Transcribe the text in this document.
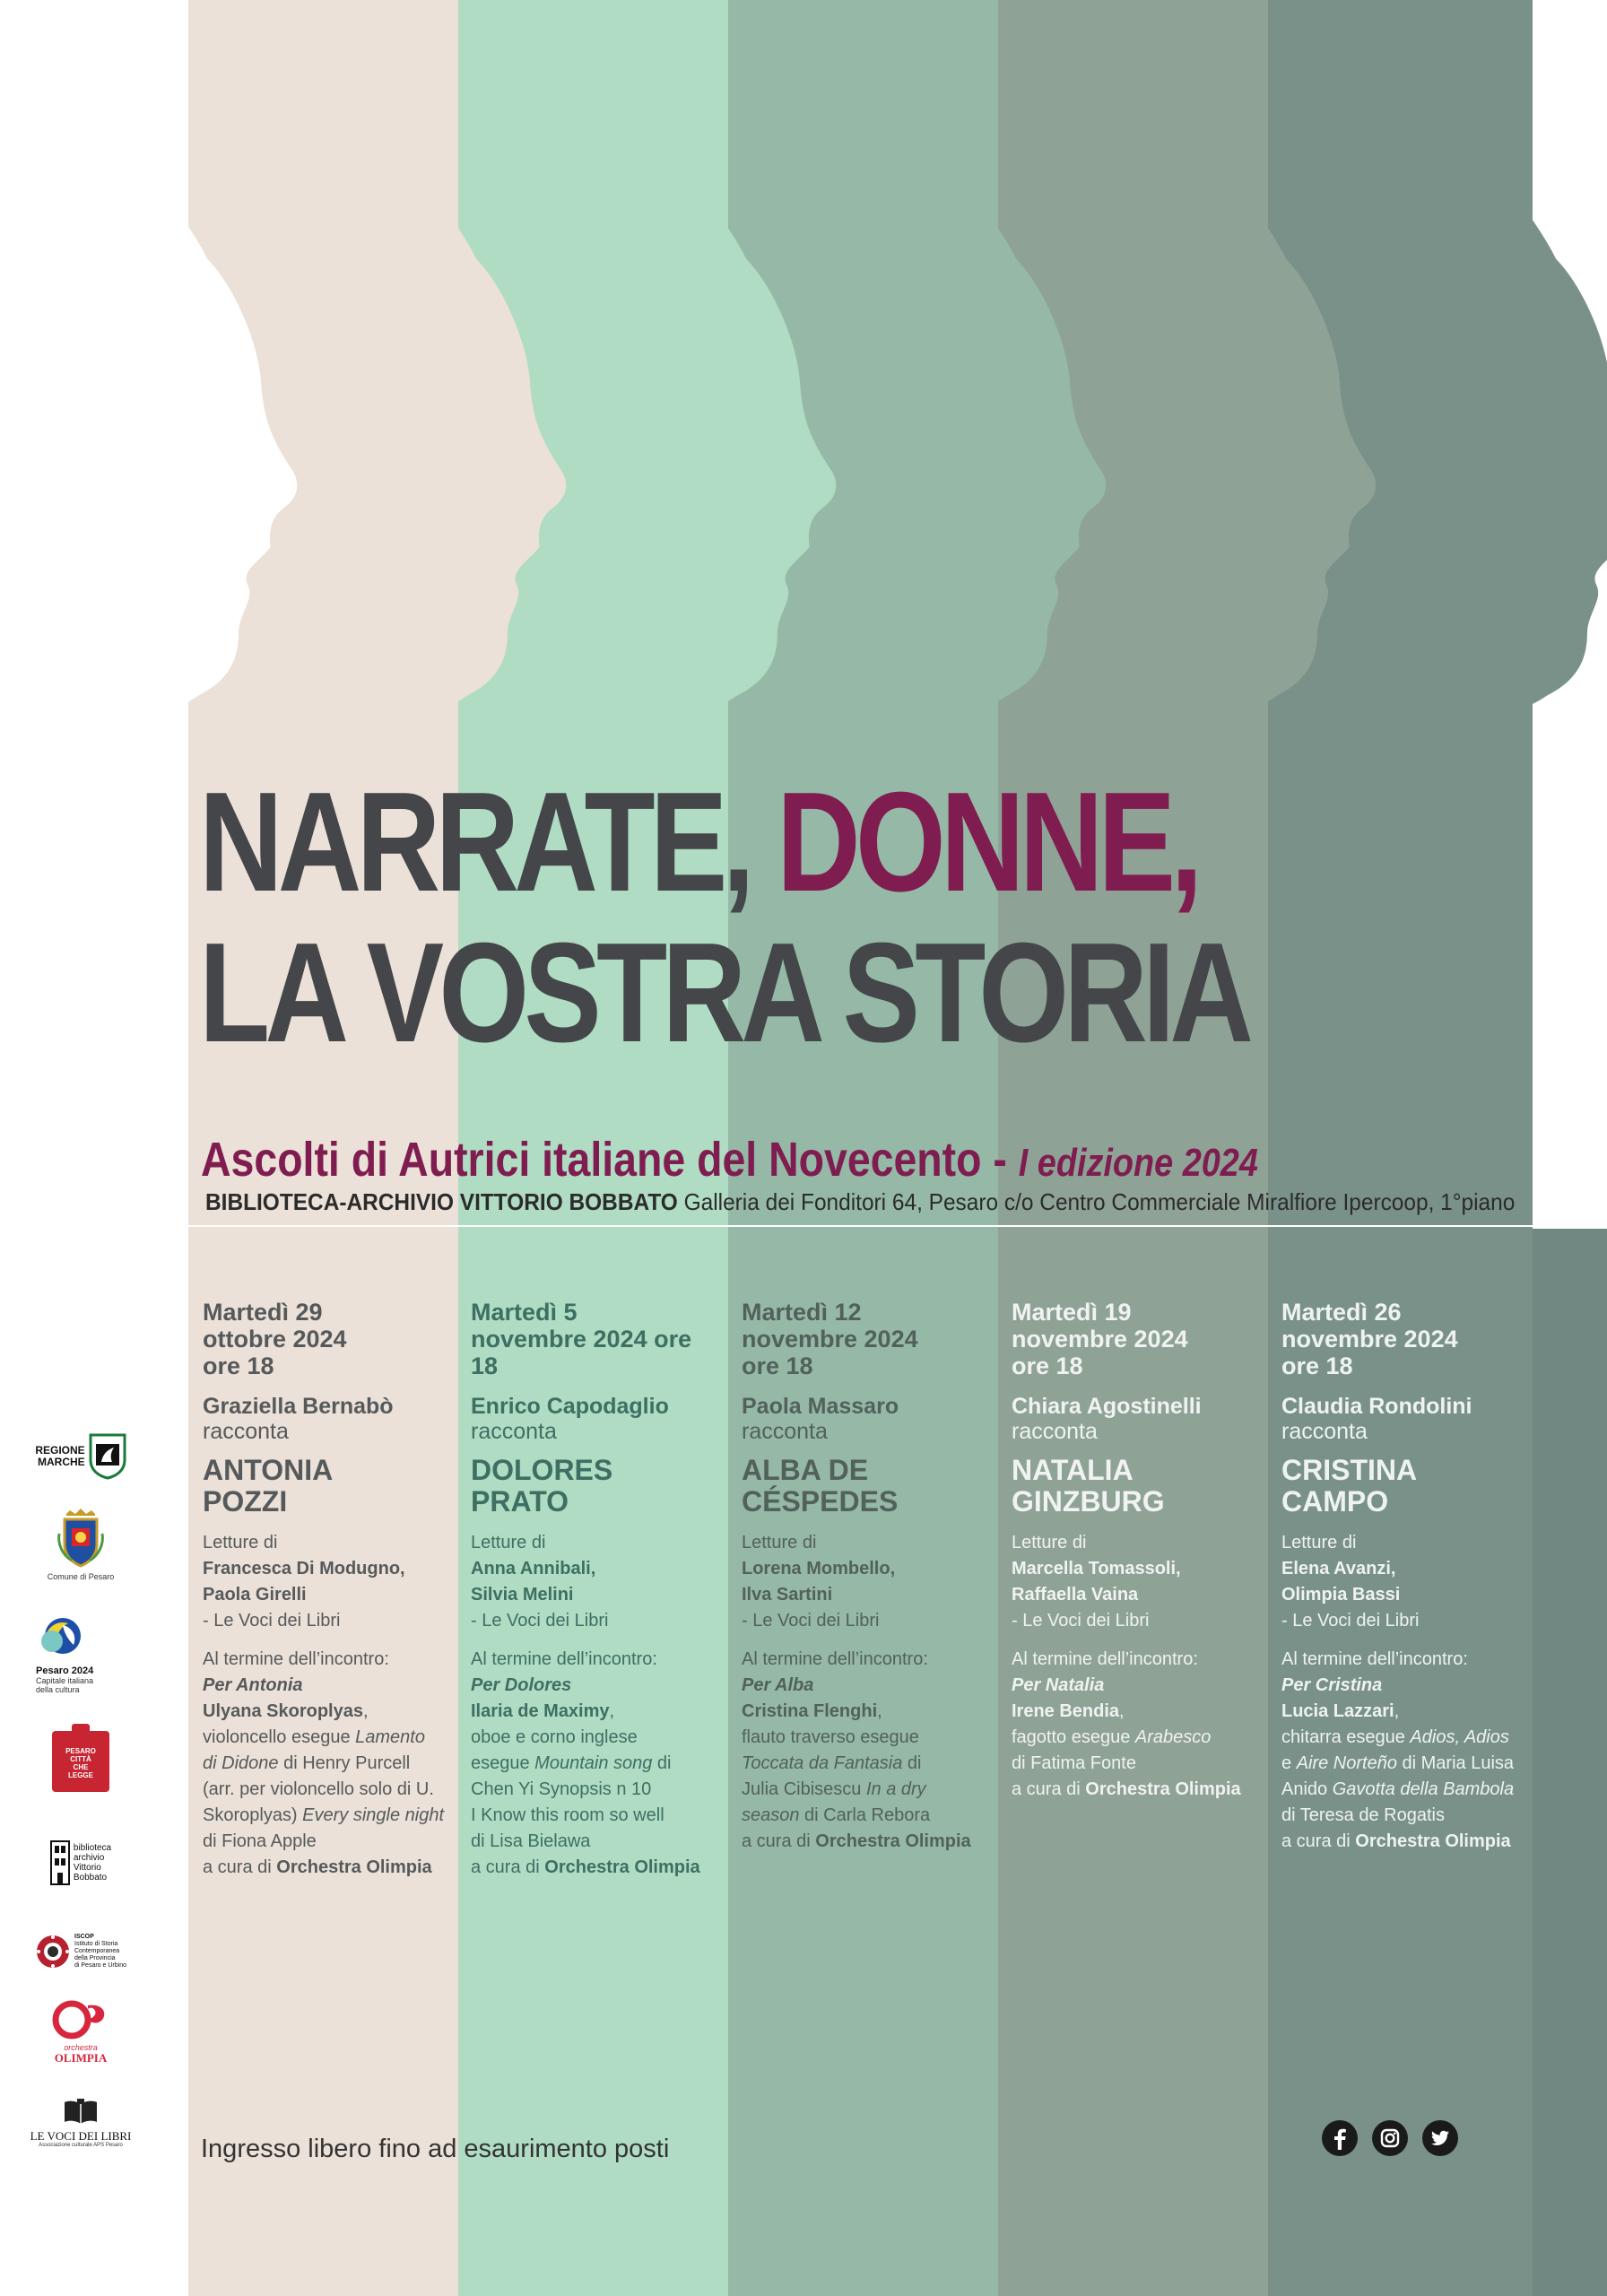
NARRATE, DONNE,
LA VOSTRA STORIA
Ascolti di Autrici italiane del Novecento - I edizione 2024
BIBLIOTECA-ARCHIVIO VITTORIO BOBBATO Galleria dei Fonditori 64, Pesaro c/o Centro Commerciale Miralfiore Ipercoop, 1°piano
Martedì 29
ottobre 2024
ore 18
Graziella Bernabò
racconta
ANTONIA
POZZI
Letture di
Francesca Di Modugno,
Paola Girelli
- Le Voci dei Libri
Al termine dell’incontro:
Per Antonia
Ulyana Skoroplyas,
violoncello esegue Lamento
di Didone di Henry Purcell
(arr. per violoncello solo di U.
Skoroplyas) Every single night
di Fiona Apple
a cura di Orchestra Olimpia
Martedì 5
novembre 2024 ore
18
Enrico Capodaglio
racconta
DOLORES
PRATO
Letture di
Anna Annibali,
Silvia Melini
- Le Voci dei Libri
Al termine dell’incontro:
Per Dolores
Ilaria de Maximy,
oboe e corno inglese
esegue Mountain song di
Chen Yi Synopsis n 10
I Know this room so well
di Lisa Bielawa
a cura di Orchestra Olimpia
Martedì 12
novembre 2024
ore 18
Paola Massaro
racconta
ALBA DE
CÉSPEDES
Letture di
Lorena Mombello,
Ilva Sartini
- Le Voci dei Libri
Al termine dell’incontro:
Per Alba
Cristina Flenghi,
flauto traverso esegue
Toccata da Fantasia di
Julia Cibisescu In a dry
season di Carla Rebora
a cura di Orchestra Olimpia
Martedì 19
novembre 2024
ore 18
Chiara Agostinelli
racconta
NATALIA
GINZBURG
Letture di
Marcella Tomassoli,
Raffaella Vaina
- Le Voci dei Libri
Al termine dell’incontro:
Per Natalia
Irene Bendia,
fagotto esegue Arabesco
di Fatima Fonte
a cura di Orchestra Olimpia
Martedì 26
novembre 2024
ore 18
Claudia Rondolini
racconta
CRISTINA
CAMPO
Letture di
Elena Avanzi,
Olimpia Bassi
- Le Voci dei Libri
Al termine dell’incontro:
Per Cristina
Lucia Lazzari,
chitarra esegue Adios, Adios
e Aire Norteño di Maria Luisa
Anido Gavotta della Bambola
di Teresa de Rogatis
a cura di Orchestra Olimpia
REGIONE
MARCHE
Comune di Pesaro
Pesaro 2024
Capitale italiana
della cultura
PESARO
CITTÀ
CHE
LEGGE
biblioteca
archivio
Vittorio
Bobbato
ISCOP
Istituto di Storia
Contemporanea
della Provincia
di Pesaro e Urbino
orchestra
OLIMPIA
LE VOCI DEI LIBRI
Associazione culturale APS Pesaro	Ingresso libero fino ad esaurimento posti
